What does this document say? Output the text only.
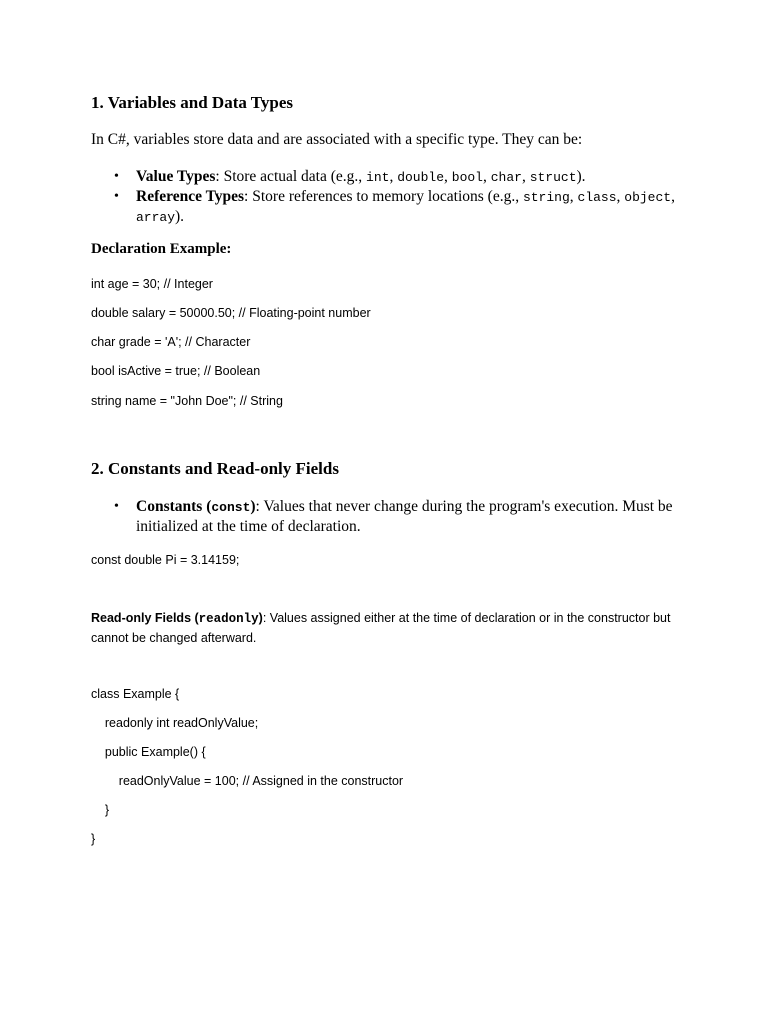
1. Variables and Data Types
In C#, variables store data and are associated with a specific type. They can be:
• Value Types: Store actual data (e.g., int, double, bool, char, struct).
• Reference Types: Store references to memory locations (e.g., string, class, object, array).
Declaration Example:
int age = 30; // Integer
double salary = 50000.50; // Floating-point number
char grade = 'A'; // Character
bool isActive = true; // Boolean
string name = "John Doe"; // String
2. Constants and Read-only Fields
• Constants (const): Values that never change during the program's execution. Must be initialized at the time of declaration.
const double Pi = 3.14159;
Read-only Fields (readonly): Values assigned either at the time of declaration or in the constructor but cannot be changed afterward.
class Example {
readonly int readOnlyValue;
public Example() {
readOnlyValue = 100; // Assigned in the constructor
}
}
